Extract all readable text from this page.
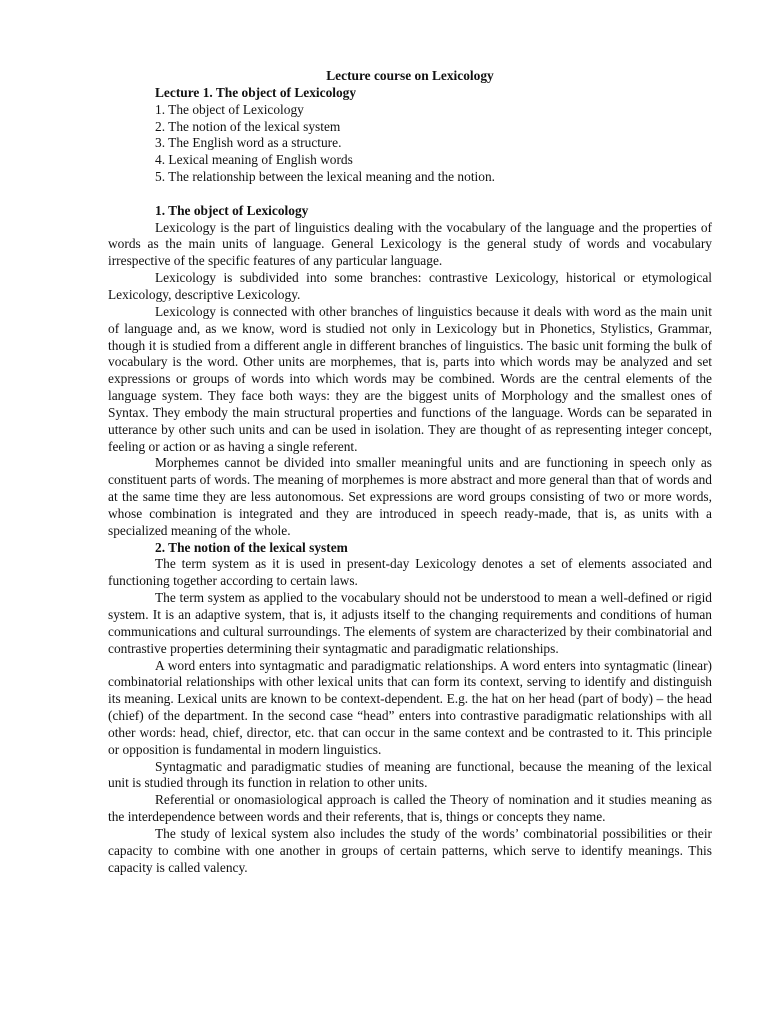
Lecture course on Lexicology

Lecture 1. The object of Lexicology

1. The object of Lexicology
2. The notion of the lexical system
3. The English word as a structure.
4. Lexical meaning of English words
5. The relationship between the lexical meaning and the notion.

1. The object of Lexicology

Lexicology is the part of linguistics dealing with the vocabulary of the language and the properties of words as the main units of language. General Lexicology is the general study of words and vocabulary irrespective of the specific features of any particular language.

Lexicology is subdivided into some branches: contrastive Lexicology, historical or etymological Lexicology, descriptive Lexicology.

Lexicology is connected with other branches of linguistics because it deals with word as the main unit of language and, as we know, word is studied not only in Lexicology but in Phonetics, Stylistics, Grammar, though it is studied from a different angle in different branches of linguistics. The basic unit forming the bulk of vocabulary is the word. Other units are morphemes, that is, parts into which words may be analyzed and set expressions or groups of words into which words may be combined. Words are the central elements of the language system. They face both ways: they are the biggest units of Morphology and the smallest ones of Syntax. They embody the main structural properties and functions of the language. Words can be separated in utterance by other such units and can be used in isolation. They are thought of as representing integer concept, feeling or action or as having a single referent.

Morphemes cannot be divided into smaller meaningful units and are functioning in speech only as constituent parts of words. The meaning of morphemes is more abstract and more general than that of words and at the same time they are less autonomous. Set expressions are word groups consisting of two or more words, whose combination is integrated and they are introduced in speech ready-made, that is, as units with a specialized meaning of the whole.

2. The notion of the lexical system

The term system as it is used in present-day Lexicology denotes a set of elements associated and functioning together according to certain laws.

The term system as applied to the vocabulary should not be understood to mean a well-defined or rigid system. It is an adaptive system, that is, it adjusts itself to the changing requirements and conditions of human communications and cultural surroundings. The elements of system are characterized by their combinatorial and contrastive properties determining their syntagmatic and paradigmatic relationships.

A word enters into syntagmatic and paradigmatic relationships. A word enters into syntagmatic (linear) combinatorial relationships with other lexical units that can form its context, serving to identify and distinguish its meaning. Lexical units are known to be context-dependent. E.g. the hat on her head (part of body) – the head (chief) of the department. In the second case “head” enters into contrastive paradigmatic relationships with all other words: head, chief, director, etc. that can occur in the same context and be contrasted to it. This principle or opposition is fundamental in modern linguistics.

Syntagmatic and paradigmatic studies of meaning are functional, because the meaning of the lexical unit is studied through its function in relation to other units.

Referential or onomasiological approach is called the Theory of nomination and it studies meaning as the interdependence between words and their referents, that is, things or concepts they name.

The study of lexical system also includes the study of the words’ combinatorial possibilities or their capacity to combine with one another in groups of certain patterns, which serve to identify meanings. This capacity is called valency.
